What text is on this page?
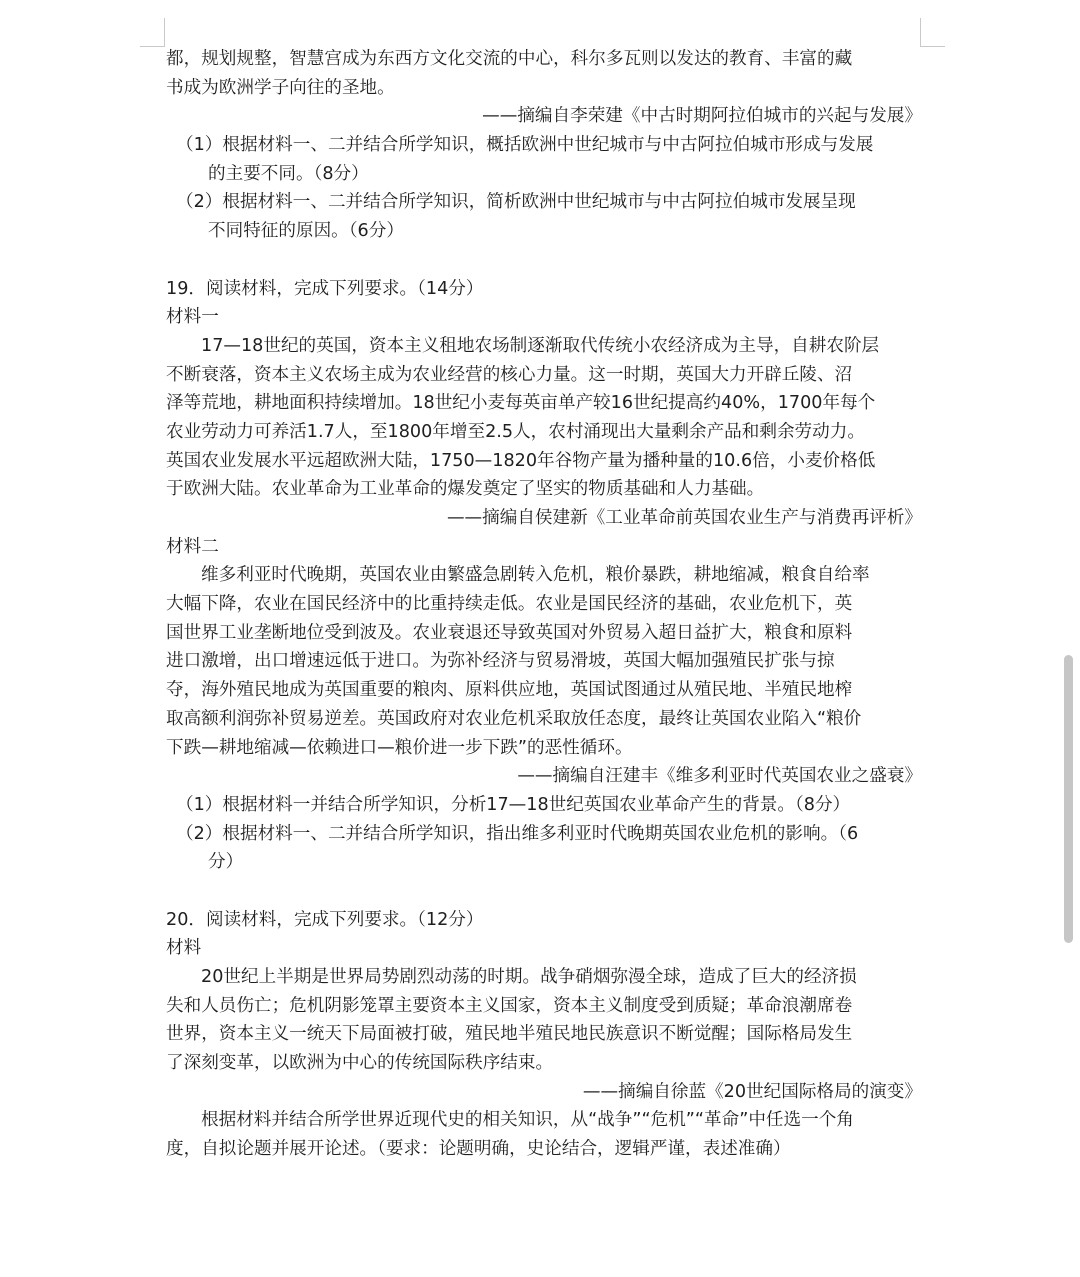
都，规划规整，智慧宫成为东西方文化交流的中心，科尔多瓦则以发达的教育、丰富的藏
书成为欧洲学子向往的圣地。
——摘编自李荣建《中古时期阿拉伯城市的兴起与发展》
（1）根据材料一、二并结合所学知识，概括欧洲中世纪城市与中古阿拉伯城市形成与发展
的主要不同。（8分）
（2）根据材料一、二并结合所学知识，简析欧洲中世纪城市与中古阿拉伯城市发展呈现
不同特征的原因。（6分）
19．阅读材料，完成下列要求。（14分）
材料一
17—18世纪的英国，资本主义租地农场制逐渐取代传统小农经济成为主导，自耕农阶层
不断衰落，资本主义农场主成为农业经营的核心力量。这一时期，英国大力开辟丘陵、沼
泽等荒地，耕地面积持续增加。18世纪小麦每英亩单产较16世纪提高约40%，1700年每个
农业劳动力可养活1.7人，至1800年增至2.5人，农村涌现出大量剩余产品和剩余劳动力。
英国农业发展水平远超欧洲大陆，1750—1820年谷物产量为播种量的10.6倍，小麦价格低
于欧洲大陆。农业革命为工业革命的爆发奠定了坚实的物质基础和人力基础。
——摘编自侯建新《工业革命前英国农业生产与消费再评析》
材料二
维多利亚时代晚期，英国农业由繁盛急剧转入危机，粮价暴跌，耕地缩减，粮食自给率
大幅下降，农业在国民经济中的比重持续走低。农业是国民经济的基础，农业危机下，英
国世界工业垄断地位受到波及。农业衰退还导致英国对外贸易入超日益扩大，粮食和原料
进口激增，出口增速远低于进口。为弥补经济与贸易滑坡，英国大幅加强殖民扩张与掠
夺，海外殖民地成为英国重要的粮肉、原料供应地，英国试图通过从殖民地、半殖民地榨
取高额利润弥补贸易逆差。英国政府对农业危机采取放任态度，最终让英国农业陷入“粮价
下跌—耕地缩减—依赖进口—粮价进一步下跌”的恶性循环。
——摘编自汪建丰《维多利亚时代英国农业之盛衰》
（1）根据材料一并结合所学知识，分析17—18世纪英国农业革命产生的背景。（8分）
（2）根据材料一、二并结合所学知识，指出维多利亚时代晚期英国农业危机的影响。（6
分）
20．阅读材料，完成下列要求。（12分）
材料
20世纪上半期是世界局势剧烈动荡的时期。战争硝烟弥漫全球，造成了巨大的经济损
失和人员伤亡；危机阴影笼罩主要资本主义国家，资本主义制度受到质疑；革命浪潮席卷
世界，资本主义一统天下局面被打破，殖民地半殖民地民族意识不断觉醒；国际格局发生
了深刻变革，以欧洲为中心的传统国际秩序结束。
——摘编自徐蓝《20世纪国际格局的演变》
根据材料并结合所学世界近现代史的相关知识，从“战争”“危机”“革命”中任选一个角
度，自拟论题并展开论述。（要求：论题明确，史论结合，逻辑严谨，表述准确）
